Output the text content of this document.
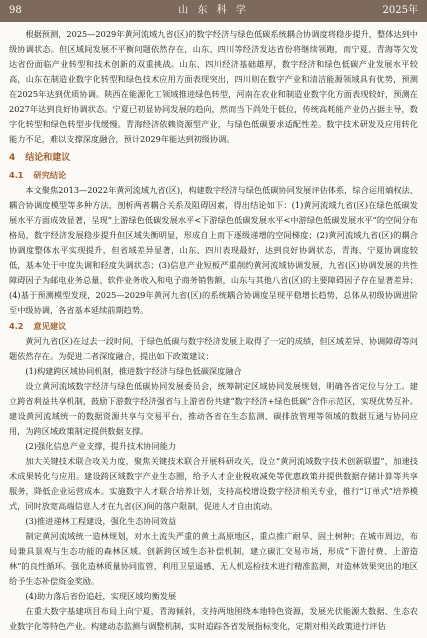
98	山 东 科 学	2025年

根据预测，2025—2029年黄河流域九省(区)的数字经济与绿色低碳系统耦合协调度将稳步提升，整体达到中级协调状态。但区域间发展不平衡问题依然存在，山东、四川等经济发达省份将继续领跑，而宁夏、青海等欠发达省份面临产业转型和技术创新的双重挑战。山东、四川经济基础雄厚，数字经济和绿色低碳产业发展水平较高，山东在制造业数字化转型和绿色技术应用方面表现突出，四川则在数字产业和清洁能源领域具有优势，预测在2025年达到优质协调。陕西在能源化工领域推进绿色转型，河南在农业和制造业数字化方面表现较好，预测在2027年达到良好协调状态。宁夏已初显协同发展的趋向，然而当下尚处于低位，传统高耗能产业仍占据主导，数字化转型和绿色转型步伐缓慢。青海经济依赖资源型产业，与绿色低碳要求适配性差。数字技术研发及应用转化能力不足，难以支撑深度融合，预计2029年能达到初级协调。

4 结论和建议
4.1 研究结论

本文聚焦2013—2022年黄河流域九省(区)，构建数字经济与绿色低碳协同发展评估体系，综合运用熵权法、耦合协调度模型等多种方法，剖析两者耦合关系及阻碍因素，得出结论如下：(1)黄河流域九省(区)在绿色低碳发展水平方面成效显著，呈现“上游绿色低碳发展水平<下游绿色低碳发展水平<中游绿色低碳发展水平”的空间分布格局，数字经济发展稳步提升但区域失衡明显，形成自上而下逐级递增的空间梯度；(2)黄河流域九省(区)的耦合协调度整体水平实现提升，但省域差异显著，山东、四川表现最好，达到良好协调状态，青海、宁夏协调度较低，基本处于中度失调和轻度失调状态；(3)信息产业短板严重削约黄河流域协调发展，九省(区)协调发展的共性障碍因子为邮电业务总量、软件业务收入和电子商务销售额，山东与其他八省(区)的主要障碍因子存在显著差异；(4)基于预测模型发现，2025—2029年黄河九省(区)的系统耦合协调度呈现平稳增长趋势，总体从初级协调进阶至中级协调，各省基本延续前期趋势。

4.2 意见建议

黄河九省(区)在过去一段时间，于绿色低碳与数字经济发展上取得了一定的成绩，但区域差异、协调障碍等问题依然存在。为促进二者深度融合，提出如下政策建议：

(1)构建跨区域协同机制，推进数字经济与绿色低碳深度融合

设立黄河流域数字经济与绿色低碳协同发展委员会，统筹制定区域协同发展规划，明确各省定位与分工。建立跨省利益共享机制，鼓励下游数字经济强省与上游省份共建“数字经济+绿色低碳”合作示范区，实现优势互补。建设黄河流域统一的数据资源共享与交易平台，推动各省在生态监测、碳排放管理等领域的数据互通与协同应用，为跨区域政策制定提供数据支撑。

(2)强化信息产业支撑，提升技术协同能力

加大关键技术联合攻关力度，聚焦关键技术联合开展科研攻关，设立“黄河流域数字技术创新联盟”，加速技术成果转化与应用。建设跨区域数字产业生态圈，给予人才企业税收减免等优惠政策并提供数据存储计算等共享服务，降低企业运营成本。实施数字人才联合培养计划，支持高校增设数字经济相关专业，推行“订单式”培养模式，同时放宽高端信息人才在九省(区)间的落户限制，促进人才自由流动。

(3)推进递林工程建设，强化生态协同效益

制定黄河流域统一造林规划，对水土流失严重的黄土高原地区，重点推广耐旱、固土树种；在城市周边，布局兼具景观与生态功能的森林区域。创新跨区域生态补偿机制，建立碳汇交易市场，形成“下游付费、上游造林”的良性循环。强化造林质量协同监管，利用卫星遥感、无人机巡检技术进行精准监测，对造林效果突出的地区给予生态补偿资金奖励。

(4)助力落后省份追赶，实现区域均衡发展

在重大数字基建项目布局上向宁夏，青海倾斜，支持两地围绕本地特色资源，发展光伏能源大数据、生态农业数字化等特色产业。构建动态监测与调整机制，实时追踪各省发展指标变化，定期对相关政策进行评估
